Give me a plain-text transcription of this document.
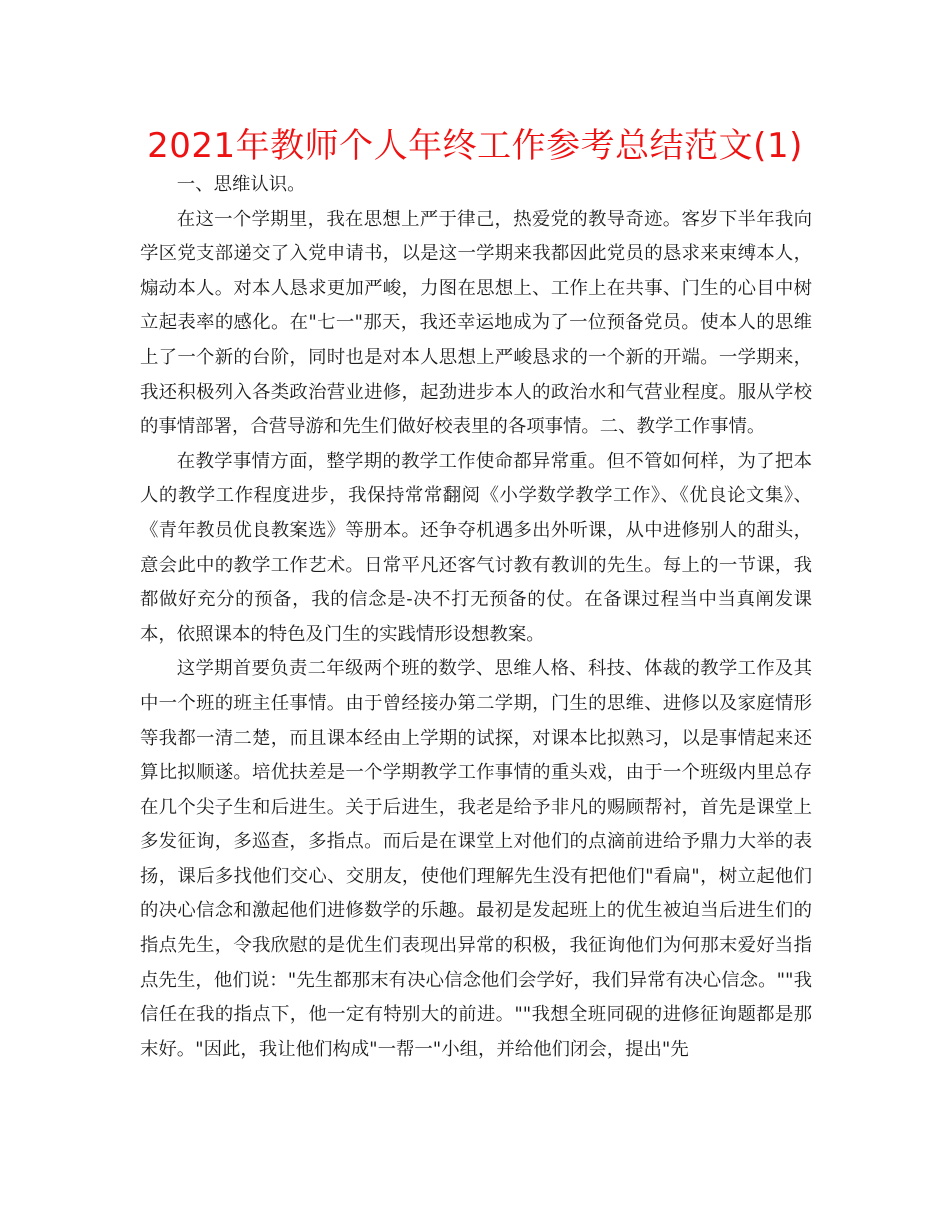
2021年教师个人年终工作参考总结范文(1)

一、思维认识。

在这一个学期里，我在思想上严于律己，热爱党的教导奇迹。客岁下半年我向学区党支部递交了入党申请书，以是这一学期来我都因此党员的恳求来束缚本人，煽动本人。对本人恳求更加严峻，力图在思想上、工作上在共事、门生的心目中树立起表率的感化。在"七一"那天，我还幸运地成为了一位预备党员。使本人的思维上了一个新的台阶，同时也是对本人思想上严峻恳求的一个新的开端。一学期来，我还积极列入各类政治营业进修，起劲进步本人的政治水和气营业程度。服从学校的事情部署，合营导游和先生们做好校表里的各项事情。二、教学工作事情。

在教学事情方面，整学期的教学工作使命都异常重。但不管如何样，为了把本人的教学工作程度进步，我保持常常翻阅《小学数学教学工作》、《优良论文集》、《青年教员优良教案选》等册本。还争夺机遇多出外听课，从中进修别人的甜头，意会此中的教学工作艺术。日常平凡还客气讨教有教训的先生。每上的一节课，我都做好充分的预备，我的信念是-决不打无预备的仗。在备课过程当中当真阐发课本，依照课本的特色及门生的实践情形设想教案。

这学期首要负责二年级两个班的数学、思维人格、科技、体裁的教学工作及其中一个班的班主任事情。由于曾经接办第二学期，门生的思维、进修以及家庭情形等我都一清二楚，而且课本经由上学期的试探，对课本比拟熟习，以是事情起来还算比拟顺遂。培优扶差是一个学期教学工作事情的重头戏，由于一个班级内里总存在几个尖子生和后进生。关于后进生，我老是给予非凡的赐顾帮衬，首先是课堂上多发征询，多巡查，多指点。而后是在课堂上对他们的点滴前进给予鼎力大举的表扬，课后多找他们交心、交朋友，使他们理解先生没有把他们"看扁"，树立起他们的决心信念和激起他们进修数学的乐趣。最初是发起班上的优生被迫当后进生们的指点先生，令我欣慰的是优生们表现出异常的积极，我征询他们为何那末爱好当指点先生，他们说："先生都那末有决心信念他们会学好，我们异常有决心信念。""我信任在我的指点下，他一定有特别大的前进。""我想全班同砚的进修征询题都是那末好。"因此，我让他们构成"一帮一"小组，并给他们闭会，提出"先
